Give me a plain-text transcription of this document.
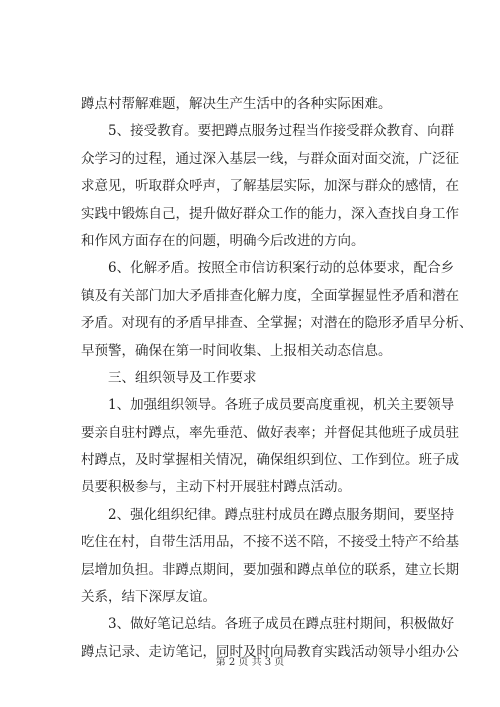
蹲点村帮解难题，解决生产生活中的各种实际困难。
　　5、接受教育。要把蹲点服务过程当作接受群众教育、向群
众学习的过程，通过深入基层一线，与群众面对面交流，广泛征
求意见，听取群众呼声，了解基层实际，加深与群众的感情，在
实践中锻炼自己，提升做好群众工作的能力，深入查找自身工作
和作风方面存在的问题，明确今后改进的方向。
　　6、化解矛盾。按照全市信访积案行动的总体要求，配合乡
镇及有关部门加大矛盾排查化解力度，全面掌握显性矛盾和潜在
矛盾。对现有的矛盾早排查、全掌握；对潜在的隐形矛盾早分析、
早预警，确保在第一时间收集、上报相关动态信息。
　　三、组织领导及工作要求
　　1、加强组织领导。各班子成员要高度重视，机关主要领导
要亲自驻村蹲点，率先垂范、做好表率；并督促其他班子成员驻
村蹲点，及时掌握相关情况，确保组织到位、工作到位。班子成
员要积极参与，主动下村开展驻村蹲点活动。
　　2、强化组织纪律。蹲点驻村成员在蹲点服务期间，要坚持
吃住在村，自带生活用品，不接不送不陪，不接受土特产不给基
层增加负担。非蹲点期间，要加强和蹲点单位的联系，建立长期
关系，结下深厚友谊。
　　3、做好笔记总结。各班子成员在蹲点驻村期间，积极做好
蹲点记录、走访笔记，同时及时向局教育实践活动领导小组办公
第 2 页 共 3 页
